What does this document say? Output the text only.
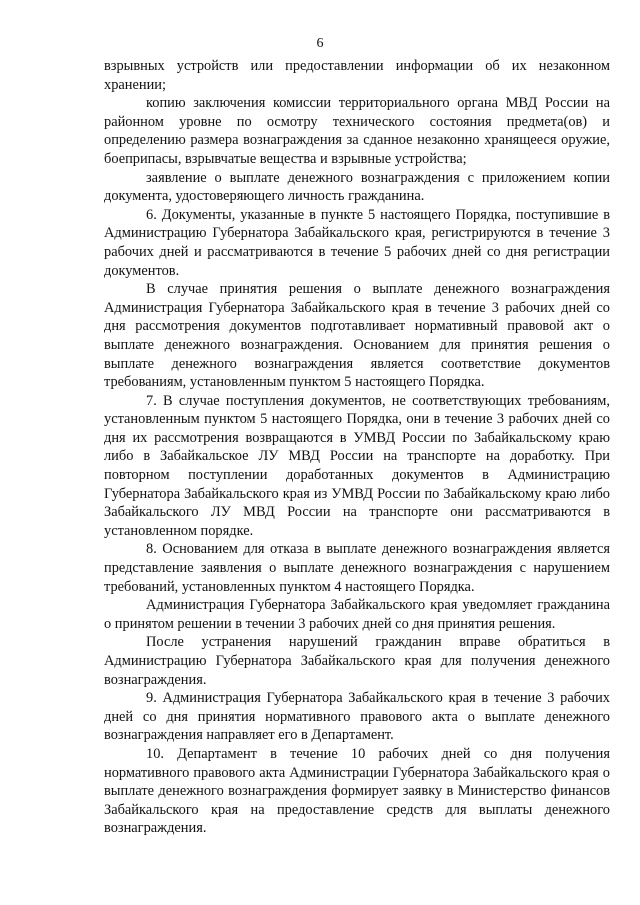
6

взрывных устройств или предоставлении информации об их незаконном хранении;

копию заключения комиссии территориального органа МВД России на районном уровне по осмотру технического состояния предмета(ов) и определению размера вознаграждения за сданное незаконно хранящееся оружие, боеприпасы, взрывчатые вещества и взрывные устройства;

заявление о выплате денежного вознаграждения с приложением копии документа, удостоверяющего личность гражданина.

6. Документы, указанные в пункте 5 настоящего Порядка, поступившие в Администрацию Губернатора Забайкальского края, регистрируются в течение 3 рабочих дней и рассматриваются в течение 5 рабочих дней со дня регистрации документов.

В случае принятия решения о выплате денежного вознаграждения Администрация Губернатора Забайкальского края в течение 3 рабочих дней со дня рассмотрения документов подготавливает нормативный правовой акт о выплате денежного вознаграждения. Основанием для принятия решения о выплате денежного вознаграждения является соответствие документов требованиям, установленным пунктом 5 настоящего Порядка.

7. В случае поступления документов, не соответствующих требованиям, установленным пунктом 5 настоящего Порядка, они в течение 3 рабочих дней со дня их рассмотрения возвращаются в УМВД России по Забайкальскому краю либо в Забайкальское ЛУ МВД России на транспорте на доработку. При повторном поступлении доработанных документов в Администрацию Губернатора Забайкальского края из УМВД России по Забайкальскому краю либо Забайкальского ЛУ МВД России на транспорте они рассматриваются в установленном порядке.

8. Основанием для отказа в выплате денежного вознаграждения является представление заявления о выплате денежного вознаграждения с нарушением требований, установленных пунктом 4 настоящего Порядка.

Администрация Губернатора Забайкальского края уведомляет гражданина о принятом решении в течении 3 рабочих дней со дня принятия решения.

После устранения нарушений гражданин вправе обратиться в Администрацию Губернатора Забайкальского края для получения денежного вознаграждения.

9. Администрация Губернатора Забайкальского края в течение 3 рабочих дней со дня принятия нормативного правового акта о выплате денежного вознаграждения направляет его в Департамент.

10. Департамент в течение 10 рабочих дней со дня получения нормативного правового акта Администрации Губернатора Забайкальского края о выплате денежного вознаграждения формирует заявку в Министерство финансов Забайкальского края на предоставление средств для выплаты денежного вознаграждения.
